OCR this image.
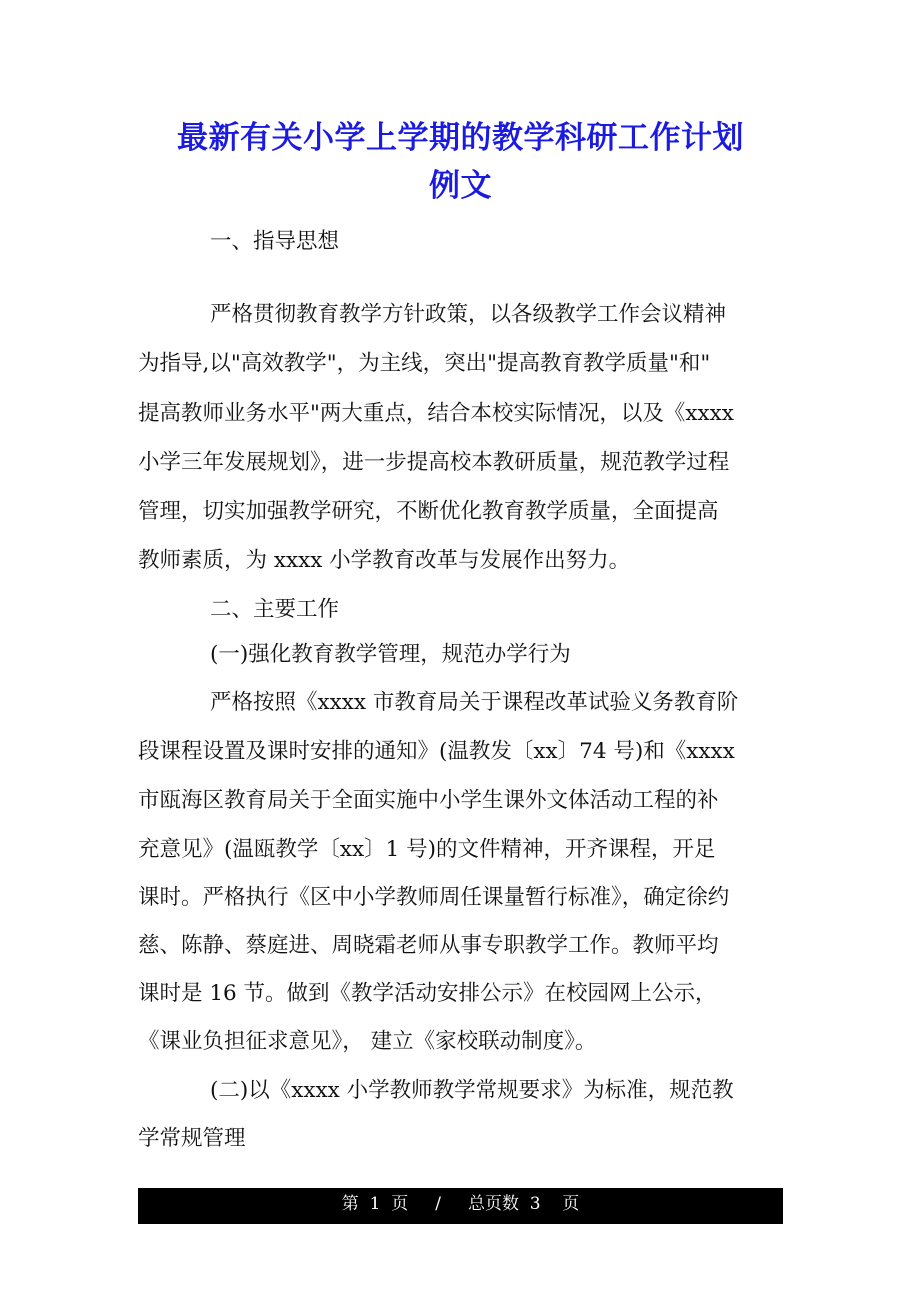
最新有关小学上学期的教学科研工作计划
例文
一、指导思想
严格贯彻教育教学方针政策，以各级教学工作会议精神
为指导,以"高效教学"，为主线，突出"提高教育教学质量"和"
提高教师业务水平"两大重点，结合本校实际情况，以及《xxxx
小学三年发展规划》，进一步提高校本教研质量，规范教学过程
管理，切实加强教学研究，不断优化教育教学质量，全面提高
教师素质，为 xxxx 小学教育改革与发展作出努力。
二、主要工作
(一)强化教育教学管理，规范办学行为
严格按照《xxxx 市教育局关于课程改革试验义务教育阶
段课程设置及课时安排的通知》(温教发〔xx〕74 号)和《xxxx
市瓯海区教育局关于全面实施中小学生课外文体活动工程的补
充意见》(温瓯教学〔xx〕1 号)的文件精神，开齐课程，开足
课时。严格执行《区中小学教师周任课量暂行标准》，确定徐约
慈、陈静、蔡庭进、周晓霜老师从事专职教学工作。教师平均
课时是 16 节。做到《教学活动安排公示》在校园网上公示，
《课业负担征求意见》， 建立《家校联动制度》。
(二)以《xxxx 小学教师教学常规要求》为标准，规范教
学常规管理
第  1  页     /     总页数  3    页
